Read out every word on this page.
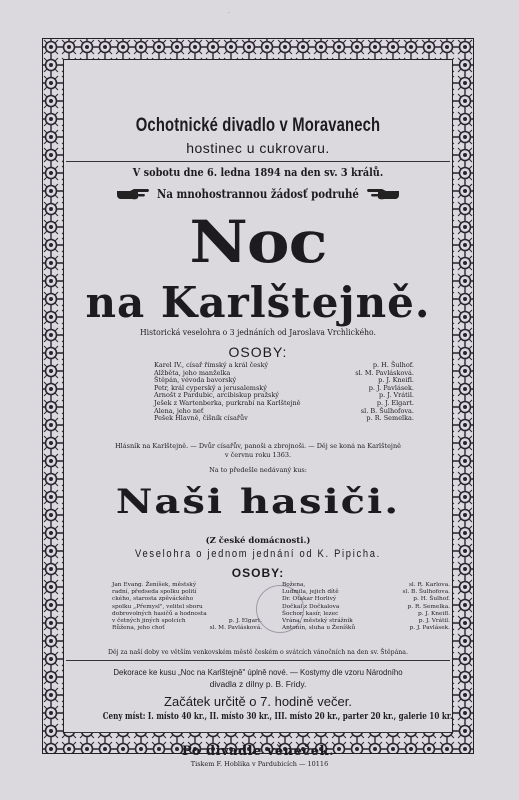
·
Ochotnické divadlo v Moravanech
hostinec u cukrovaru.
V sobotu dne 6. ledna 1894 na den sv. 3 králů.
Na mnohostrannou žádosť podruhé
Noc
na Karlštejně.
Historická veselohra o 3 jednáních od Jaroslava Vrchlického.
OSOBY:
Karel IV., císař římský a král český	p. H. Šulhof.
Alžběta, jeho manželka	sl. M. Pavlásková.
Štěpán, vévoda bavorský	p. J. Kneifl.
Petr, král cyperský a jerusalemský	p. J. Pavlásek.
Arnošt z Pardubic, arcibiskup pražský	p. J. Vrátil.
Ješek z Wartenberka, purkrabí na Karlštejně	p. J. Elgart.
Alena, jeho neť	sl. B. Šulhofova.
Pešek Hlavně, číšník císařův	p. R. Semelka.
Hlásník na Karlštejně. — Dvůr císařův, panoši a zbrojnoši. — Děj se koná na Karlštejně
v červnu roku 1363.
Na to předešle nedávaný kus:
Naši hasiči.
(Z české domácnosti.)
Veselohra o jednom jednání od K. Pipicha.
OSOBY:
Jan Evang. Ženíšek, městský
radní, předseda spolku polití
ckého, starosta zpěváckého
spolku „Přemysl", velitel sboru
dobrovolných hasičů a hodnosta
v četných jiných spolcích	p. J. Elgart.
Růžena, jeho choť	sl. M. Pavlásková.
Božena,	sl. R. Karlova.
Ludmila, jejich dítě	sl. B. Šulhofova.
Dr. Otakar Horlivý	p. H. Šulhof.
Dočkal z Dočkalova	p. R. Semelka.
Šochor, kasír, lezec	p. J. Kneifl.
Vrána, městský strážník	p. J. Vrátil.
Antonín, sluha u Ženíšků	p. J. Pavlásek.
Děj za naší doby ve větším venkovském městě českém o svátcích vánočních na den sv. Štěpána.
Dekorace ke kusu „Noc na Karlštejně" úplně nové. — Kostymy dle vzoru Národního
divadla z dílny p. B. Fridy.
Začátek určitě o 7. hodině večer.
Ceny míst: I. místo 40 kr., II. místo 30 kr., III. místo 20 kr., parter 20 kr., galerie 10 kr.
Po divadle věneček.
Tiskem F. Hoblika v Pardubicích — 10116
